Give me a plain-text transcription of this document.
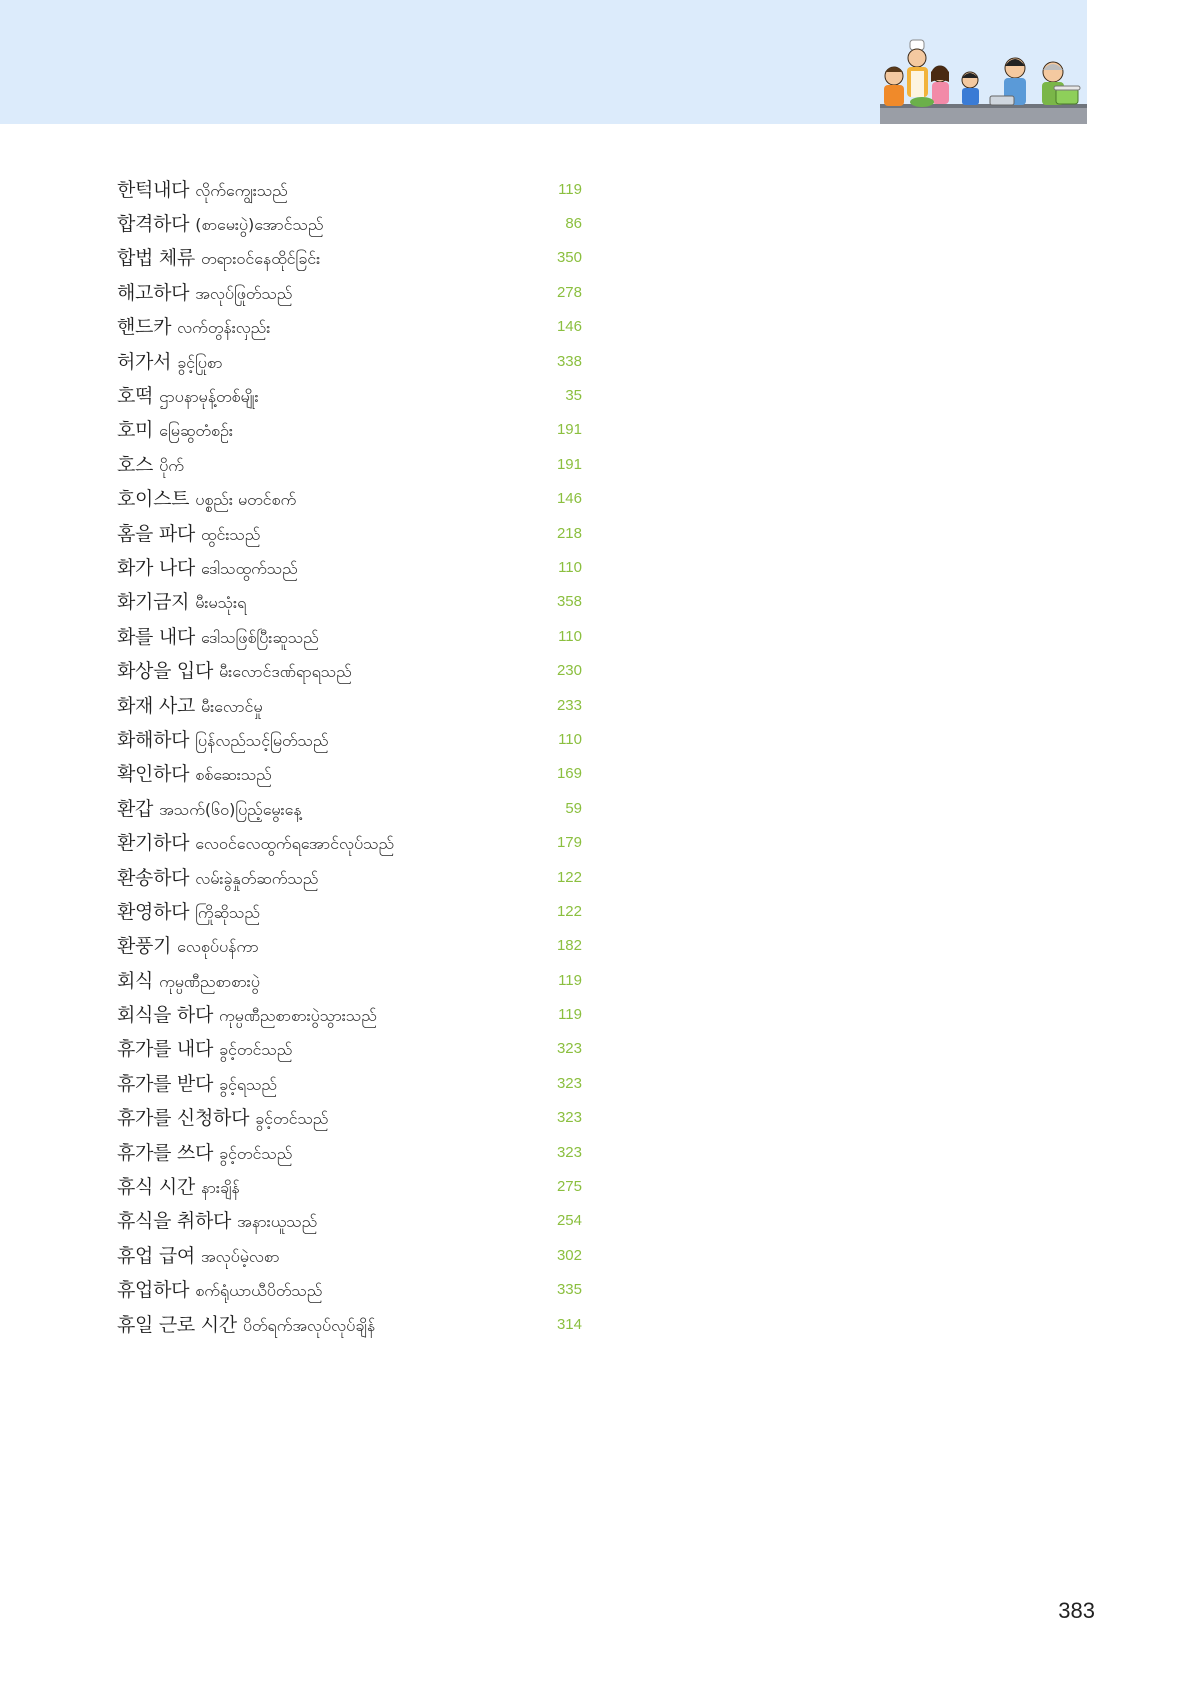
한턱내다 လိုက်ကျွေးသည်	119
합격하다 (စာမေးပွဲ)အောင်သည်	86
합법 체류 တရားဝင်နေထိုင်ခြင်း	350
해고하다 အလုပ်ဖြုတ်သည်	278
핸드카 လက်တွန်းလှည်း	146
허가서 ခွင့်ပြုစာ	338
호떡 ဌာပနာမုန့်တစ်မျိုး	35
호미 မြေဆွတံစဉ်း	191
호스 ပိုက်	191
호이스트 ပစ္စည်း မတင်စက်	146
홈을 파다 ထွင်းသည်	218
화가 나다 ဒေါသထွက်သည်	110
화기금지 မီးမသုံးရ	358
화를 내다 ဒေါသဖြစ်ပြီးဆူသည်	110
화상을 입다 မီးလောင်ဒဏ်ရာရသည်	230
화재 사고 မီးလောင်မှု	233
화해하다 ပြန်လည်သင့်မြတ်သည်	110
확인하다 စစ်ဆေးသည်	169
환갑 အသက်(၆၀)ပြည့်မွေးနေ့	59
환기하다 လေဝင်လေထွက်ရအောင်လုပ်သည်	179
환송하다 လမ်းခွဲနှုတ်ဆက်သည်	122
환영하다 ကြိုဆိုသည်	122
환풍기 လေစုပ်ပန်ကာ	182
회식 ကုမ္ပဏီညစာစားပွဲ	119
회식을 하다 ကုမ္ပဏီညစာစားပွဲသွားသည်	119
휴가를 내다 ခွင့်တင်သည်	323
휴가를 받다 ခွင့်ရသည်	323
휴가를 신청하다 ခွင့်တင်သည်	323
휴가를 쓰다 ခွင့်တင်သည်	323
휴식 시간 နားချိန်	275
휴식을 취하다 အနားယူသည်	254
휴업 급여 အလုပ်မဲ့လစာ	302
휴업하다 စက်ရုံယာယီပိတ်သည်	335
휴일 근로 시간 ပိတ်ရက်အလုပ်လုပ်ချိန်	314
383
